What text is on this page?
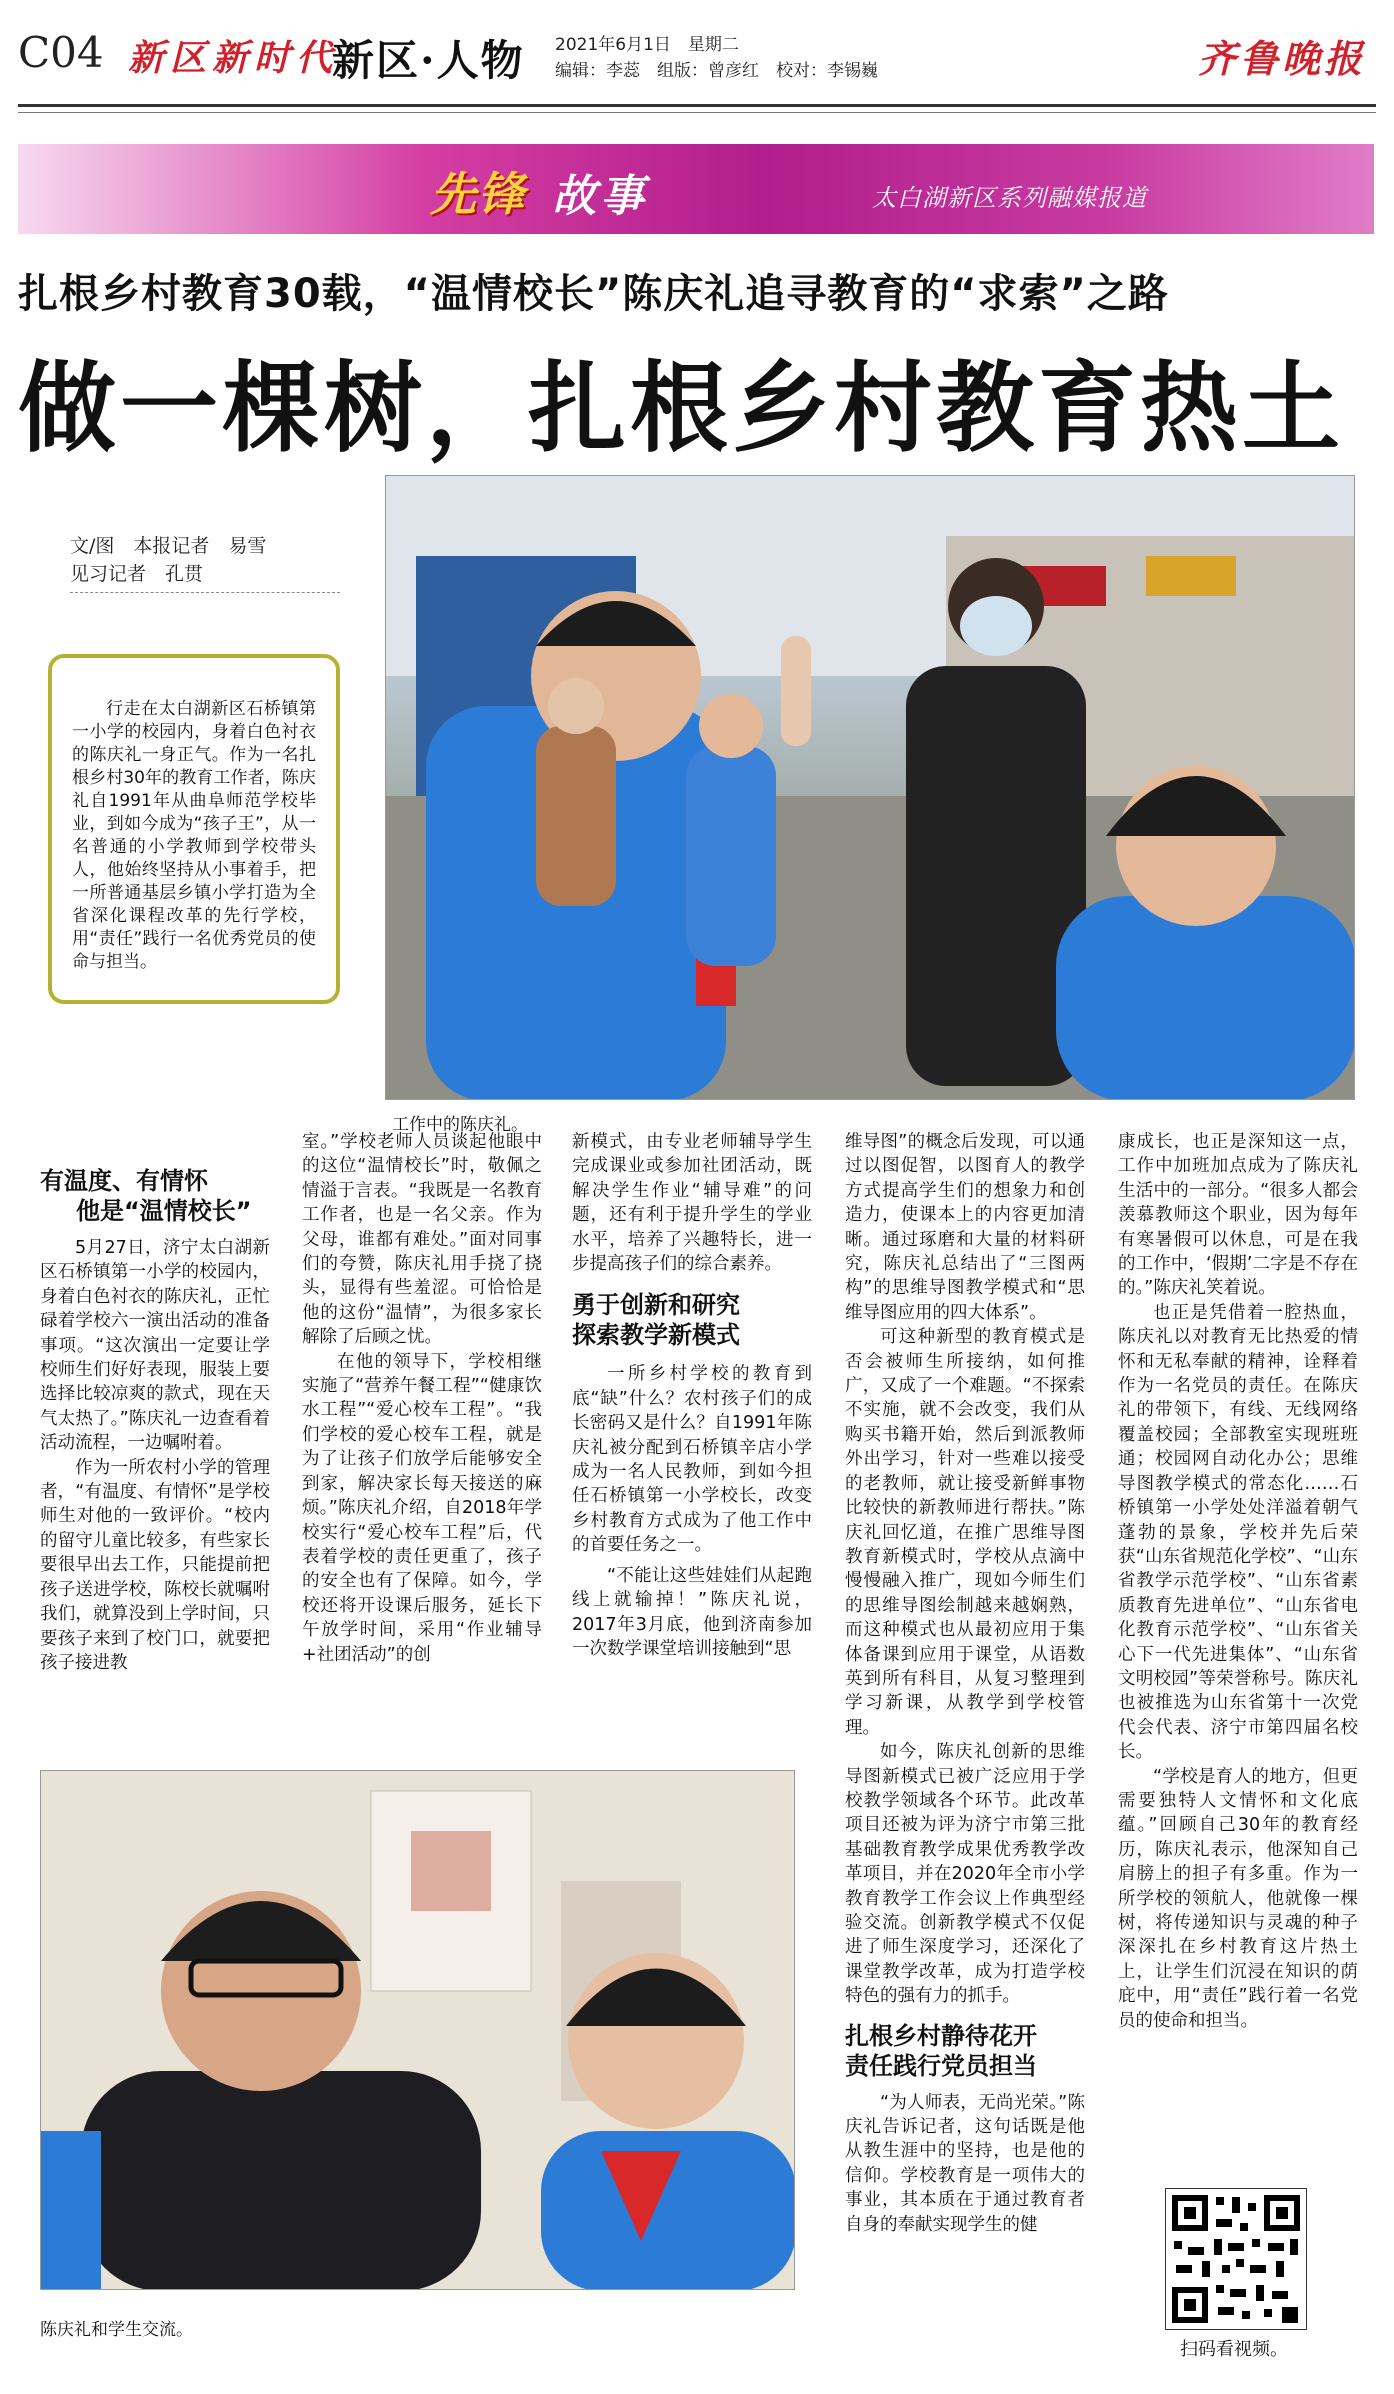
C04 新区新时代
新区·人物 2021年6月1日　星期二
编辑：李蕊　组版：曾彦红　校对：李锡巍	齐鲁晚报
先锋 故事	太白湖新区系列融媒报道
扎根乡村教育30载，“温情校长”陈庆礼追寻教育的“求索”之路
做一棵树，扎根乡村教育热土
文/图　本报记者　易雪
见习记者　孔贯
行走在太白湖新区石桥镇第一小学的校园内，身着白色衬衣的陈庆礼一身正气。作为一名扎根乡村30年的教育工作者，陈庆礼自1991年从曲阜师范学校毕业，到如今成为“孩子王”，从一名普通的小学教师到学校带头人，他始终坚持从小事着手，把一所普通基层乡镇小学打造为全省深化课程改革的先行学校，用“责任”践行一名优秀党员的使命与担当。
工作中的陈庆礼。
有温度、有情怀
他是“温情校长”

5月27日，济宁太白湖新区石桥镇第一小学的校园内，身着白色衬衣的陈庆礼，正忙碌着学校六一演出活动的准备事项。“这次演出一定要让学校师生们好好表现，服装上要选择比较凉爽的款式，现在天气太热了。”陈庆礼一边查看着活动流程，一边嘱咐着。

作为一所农村小学的管理者，“有温度、有情怀”是学校师生对他的一致评价。“校内的留守儿童比较多，有些家长要很早出去工作，只能提前把孩子送进学校，陈校长就嘱咐我们，就算没到上学时间，只要孩子来到了校门口，就要把孩子接进教

室。”学校老师人员谈起他眼中的这位“温情校长”时，敬佩之情溢于言表。“我既是一名教育工作者，也是一名父亲。作为父母，谁都有难处。”面对同事们的夸赞，陈庆礼用手挠了挠头，显得有些羞涩。可恰恰是他的这份“温情”，为很多家长解除了后顾之忧。

在他的领导下，学校相继实施了“营养午餐工程”“健康饮水工程”“爱心校车工程”。“我们学校的爱心校车工程，就是为了让孩子们放学后能够安全到家，解决家长每天接送的麻烦。”陈庆礼介绍，自2018年学校实行“爱心校车工程”后，代表着学校的责任更重了，孩子的安全也有了保障。如今，学校还将开设课后服务，延长下午放学时间，采用“作业辅导+社团活动”的创

新模式，由专业老师辅导学生完成课业或参加社团活动，既解决学生作业“辅导难”的问题，还有利于提升学生的学业水平，培养了兴趣特长，进一步提高孩子们的综合素养。

勇于创新和研究
探索教学新模式

一所乡村学校的教育到底“缺”什么？农村孩子们的成长密码又是什么？自1991年陈庆礼被分配到石桥镇辛店小学成为一名人民教师，到如今担任石桥镇第一小学校长，改变乡村教育方式成为了他工作中的首要任务之一。

“不能让这些娃娃们从起跑线上就输掉！”陈庆礼说，2017年3月底，他到济南参加一次数学课堂培训接触到“思

维导图”的概念后发现，可以通过以图促智，以图育人的教学方式提高学生们的想象力和创造力，使课本上的内容更加清晰。通过琢磨和大量的材料研究，陈庆礼总结出了“三图两构”的思维导图教学模式和“思维导图应用的四大体系”。

可这种新型的教育模式是否会被师生所接纳，如何推广，又成了一个难题。“不探索不实施，就不会改变，我们从购买书籍开始，然后到派教师外出学习，针对一些难以接受的老教师，就让接受新鲜事物比较快的新教师进行帮扶。”陈庆礼回忆道，在推广思维导图教育新模式时，学校从点滴中慢慢融入推广，现如今师生们的思维导图绘制越来越娴熟，而这种模式也从最初应用于集体备课到应用于课堂，从语数英到所有科目，从复习整理到学习新课，从教学到学校管理。

如今，陈庆礼创新的思维导图新模式已被广泛应用于学校教学领域各个环节。此改革项目还被为评为济宁市第三批基础教育教学成果优秀教学改革项目，并在2020年全市小学教育教学工作会议上作典型经验交流。创新教学模式不仅促进了师生深度学习，还深化了课堂教学改革，成为打造学校特色的强有力的抓手。

扎根乡村静待花开
责任践行党员担当

“为人师表，无尚光荣。”陈庆礼告诉记者，这句话既是他从教生涯中的坚持，也是他的信仰。学校教育是一项伟大的事业，其本质在于通过教育者自身的奉献实现学生的健

康成长，也正是深知这一点，工作中加班加点成为了陈庆礼生活中的一部分。“很多人都会羡慕教师这个职业，因为每年有寒暑假可以休息，可是在我的工作中，‘假期’二字是不存在的。”陈庆礼笑着说。

也正是凭借着一腔热血，陈庆礼以对教育无比热爱的情怀和无私奉献的精神，诠释着作为一名党员的责任。在陈庆礼的带领下，有线、无线网络覆盖校园；全部教室实现班班通；校园网自动化办公；思维导图教学模式的常态化……石桥镇第一小学处处洋溢着朝气蓬勃的景象，学校并先后荣获“山东省规范化学校”、“山东省教学示范学校”、“山东省素质教育先进单位”、“山东省电化教育示范学校”、“山东省关心下一代先进集体”、“山东省文明校园”等荣誉称号。陈庆礼也被推选为山东省第十一次党代会代表、济宁市第四届名校长。

“学校是育人的地方，但更需要独特人文情怀和文化底蕴。”回顾自己30年的教育经历，陈庆礼表示，他深知自己肩膀上的担子有多重。作为一所学校的领航人，他就像一棵树，将传递知识与灵魂的种子深深扎在乡村教育这片热土上，让学生们沉浸在知识的荫庇中，用“责任”践行着一名党员的使命和担当。

陈庆礼和学生交流。
扫码看视频。
